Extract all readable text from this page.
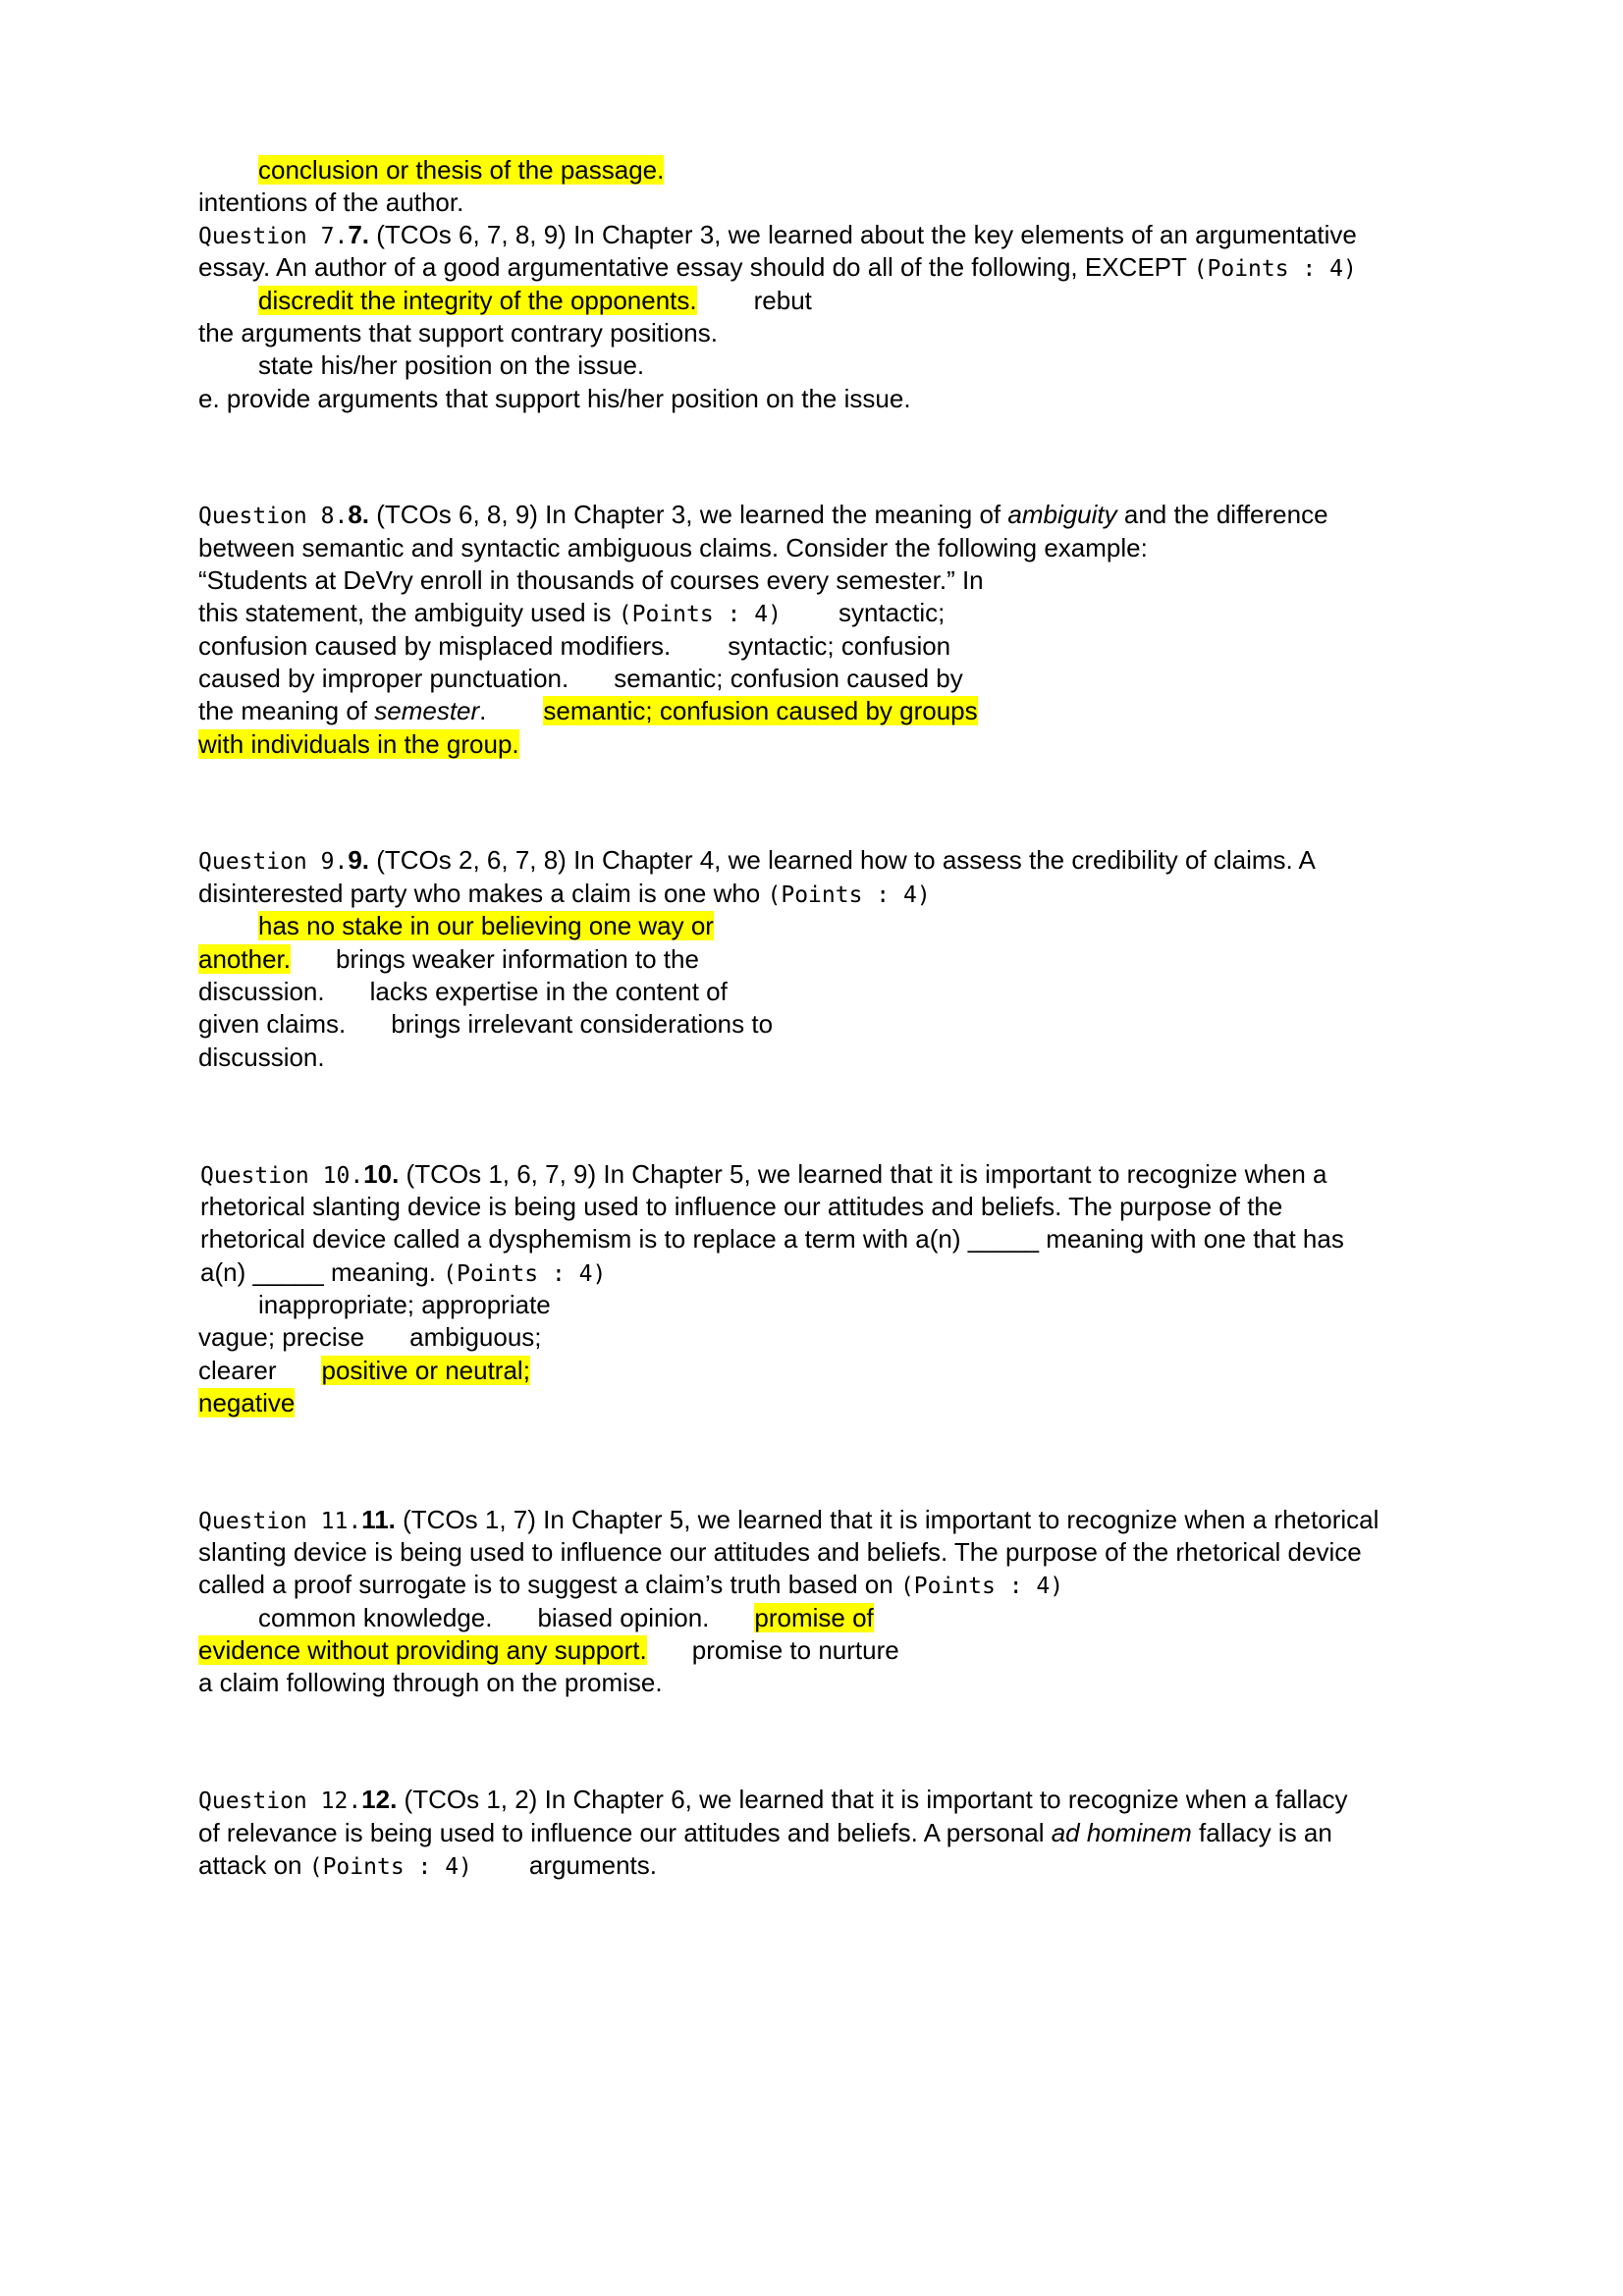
conclusion or thesis of the passage.
intentions of the author.
Question 7.7. (TCOs 6, 7, 8, 9) In Chapter 3, we learned about the key elements of an argumentative
essay. An author of a good argumentative essay should do all of the following, EXCEPT (Points : 4)
discredit the integrity of the opponents. rebut
the arguments that support contrary positions.
state his/her position on the issue.
e. provide arguments that support his/her position on the issue.
Question 8.8. (TCOs 6, 8, 9) In Chapter 3, we learned the meaning of ambiguity and the difference
between semantic and syntactic ambiguous claims. Consider the following example:
“Students at DeVry enroll in thousands of courses every semester.” In
this statement, the ambiguity used is (Points : 4) syntactic;
confusion caused by misplaced modifiers. syntactic; confusion
caused by improper punctuation. semantic; confusion caused by
the meaning of semester. semantic; confusion caused by groups
with individuals in the group.
Question 9.9. (TCOs 2, 6, 7, 8) In Chapter 4, we learned how to assess the credibility of claims. A
disinterested party who makes a claim is one who (Points : 4)
has no stake in our believing one way or
another. brings weaker information to the
discussion. lacks expertise in the content of
given claims. brings irrelevant considerations to
discussion.
Question 10.10. (TCOs 1, 6, 7, 9) In Chapter 5, we learned that it is important to recognize when a
rhetorical slanting device is being used to influence our attitudes and beliefs. The purpose of the
rhetorical device called a dysphemism is to replace a term with a(n) _____ meaning with one that has
a(n) _____ meaning. (Points : 4)
inappropriate; appropriate
vague; precise ambiguous;
clearer positive or neutral;
negative
Question 11.11. (TCOs 1, 7) In Chapter 5, we learned that it is important to recognize when a rhetorical
slanting device is being used to influence our attitudes and beliefs. The purpose of the rhetorical device
called a proof surrogate is to suggest a claim’s truth based on (Points : 4)
common knowledge. biased opinion. promise of
evidence without providing any support. promise to nurture
a claim following through on the promise.
Question 12.12. (TCOs 1, 2) In Chapter 6, we learned that it is important to recognize when a fallacy
of relevance is being used to influence our attitudes and beliefs. A personal ad hominem fallacy is an
attack on (Points : 4) arguments.
